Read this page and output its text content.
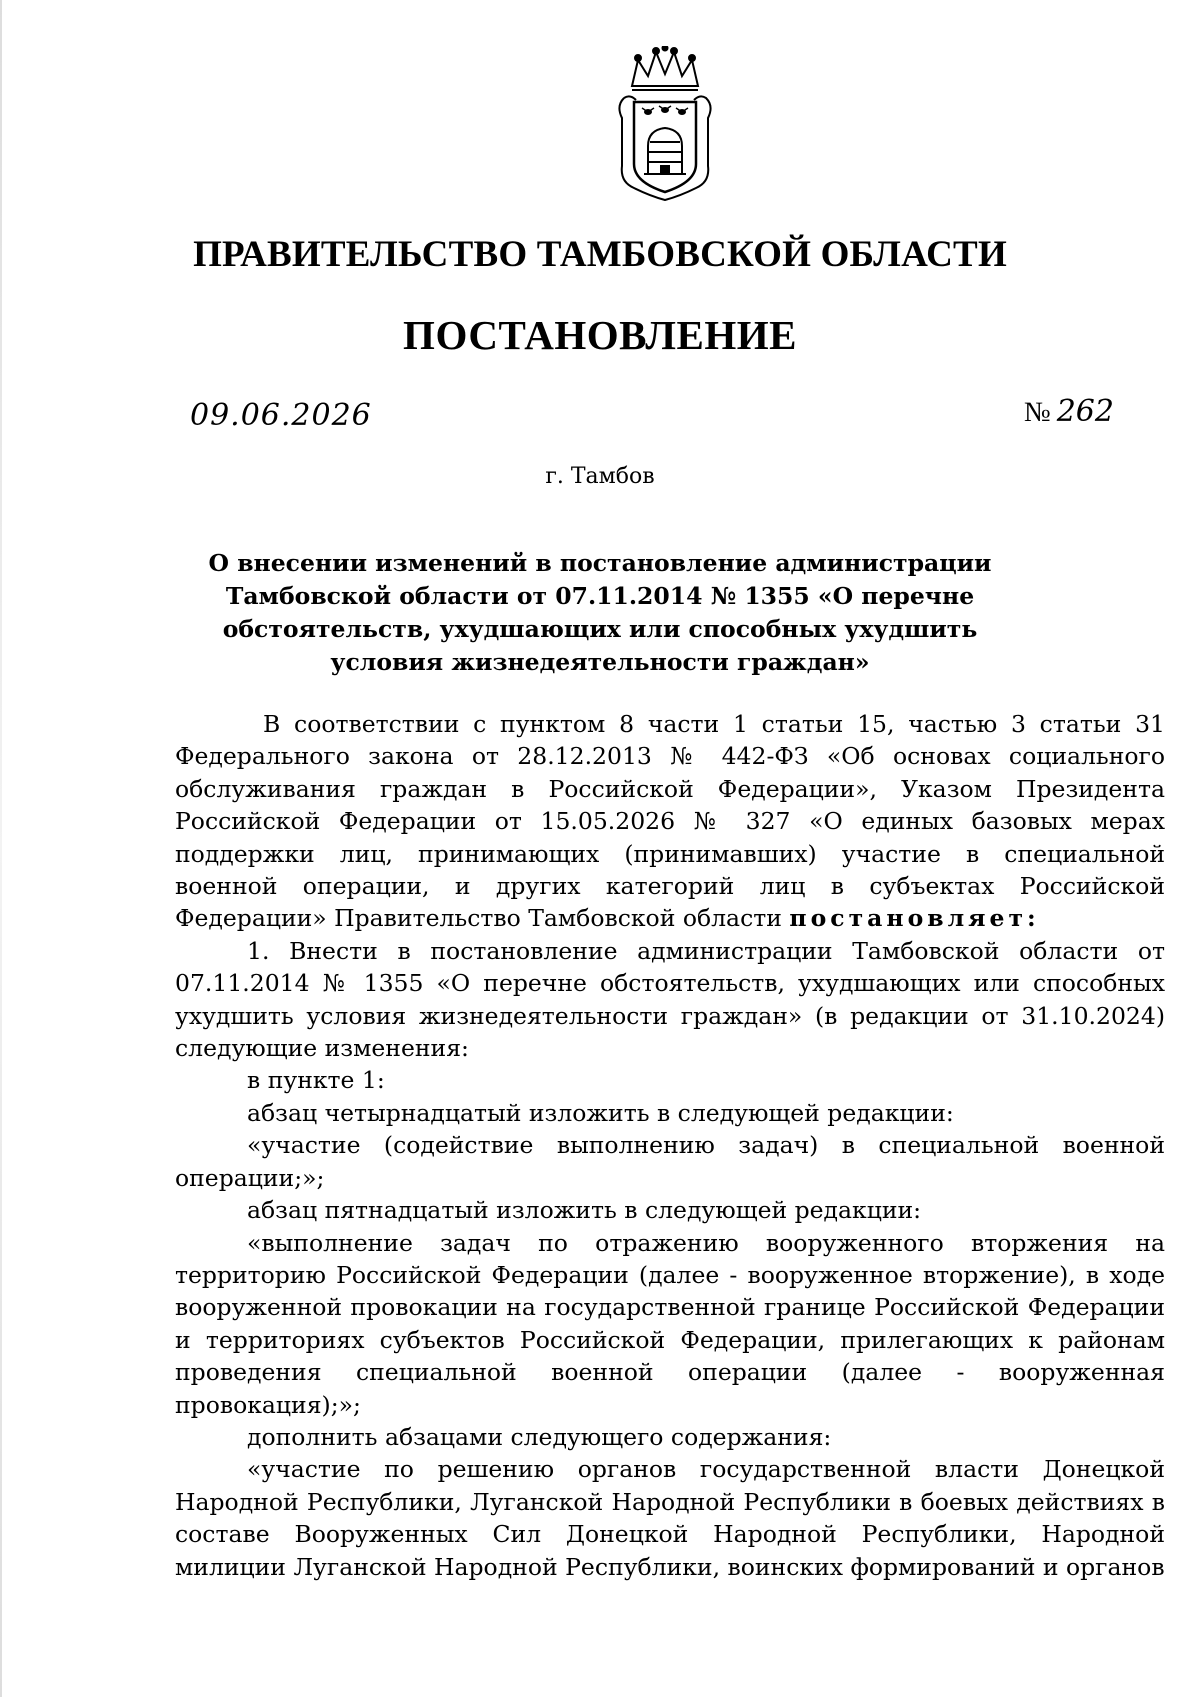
ПРАВИТЕЛЬСТВО ТАМБОВСКОЙ ОБЛАСТИ
ПОСТАНОВЛЕНИЕ
09.06.2026	№ 262
г. Тамбов
О внесении изменений в постановление администрации Тамбовской области от 07.11.2014 № 1355 «О перечне обстоятельств, ухудшающих или способных ухудшить условия жизнедеятельности граждан»

В соответствии с пунктом 8 части 1 статьи 15, частью 3 статьи 31 Федерального закона от 28.12.2013 № 442-ФЗ «Об основах социального обслуживания граждан в Российской Федерации», Указом Президента Российской Федерации от 15.05.2026 № 327 «О единых базовых мерах поддержки лиц, принимающих (принимавших) участие в специальной военной операции, и других категорий лиц в субъектах Российской Федерации» Правительство Тамбовской области постановляет:

1. Внести в постановление администрации Тамбовской области от 07.11.2014 № 1355 «О перечне обстоятельств, ухудшающих или способных ухудшить условия жизнедеятельности граждан» (в редакции от 31.10.2024) следующие изменения:

в пункте 1:

абзац четырнадцатый изложить в следующей редакции:

«участие (содействие выполнению задач) в специальной военной операции;»;

абзац пятнадцатый изложить в следующей редакции:

«выполнение задач по отражению вооруженного вторжения на территорию Российской Федерации (далее - вооруженное вторжение), в ходе вооруженной провокации на государственной границе Российской Федерации и территориях субъектов Российской Федерации, прилегающих к районам проведения специальной военной операции (далее - вооруженная провокация);»;

дополнить абзацами следующего содержания:

«участие по решению органов государственной власти Донецкой Народной Республики, Луганской Народной Республики в боевых действиях в составе Вооруженных Сил Донецкой Народной Республики, Народной милиции Луганской Народной Республики, воинских формирований и органов
